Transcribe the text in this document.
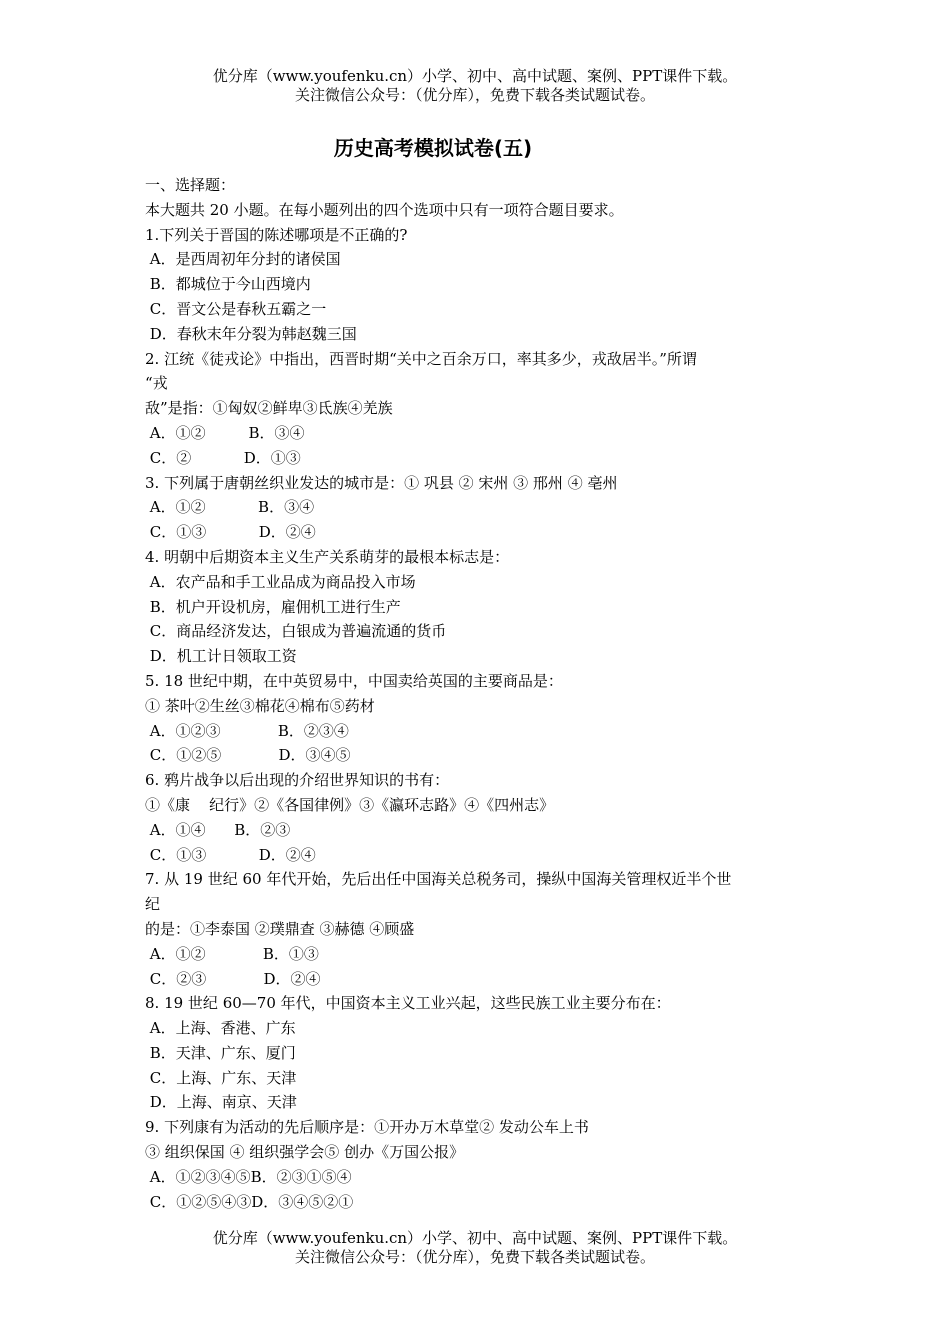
优分库（www.youfenku.cn）小学、初中、高中试题、案例、PPT课件下载。
关注微信公众号：（优分库），免费下载各类试题试卷。
历史高考模拟试卷(五)
一、选择题：
本大题共 20 小题。在每小题列出的四个选项中只有一项符合题目要求。
1.下列关于晋国的陈述哪项是不正确的?
A．是西周初年分封的诸侯国
B．都城位于今山西境内
C．晋文公是春秋五霸之一
D．春秋末年分裂为韩赵魏三国
2. 江统《徒戎论》中指出，西晋时期“关中之百余万口，率其多少，戎敌居半。”所谓
“戎
敌”是指：①匈奴②鲜卑③氐族④羌族
A．①②         B．③④
C．②           D．①③
3. 下列属于唐朝丝织业发达的城市是：① 巩县 ② 宋州 ③ 邢州 ④ 亳州
A．①②           B．③④
C．①③           D．②④
4. 明朝中后期资本主义生产关系萌芽的最根本标志是：
A．农产品和手工业品成为商品投入市场
B．机户开设机房，雇佣机工进行生产
C．商品经济发达，白银成为普遍流通的货币
D．机工计日领取工资
5. 18 世纪中期，在中英贸易中，中国卖给英国的主要商品是：
① 茶叶②生丝③棉花④棉布⑤药材
A．①②③            B．②③④
C．①②⑤            D．③④⑤
6. 鸦片战争以后出现的介绍世界知识的书有：
①《康    纪行》②《各国律例》③《瀛环志路》④《四州志》
A．①④      B．②③
C．①③           D．②④
7. 从 19 世纪 60 年代开始，先后出任中国海关总税务司，操纵中国海关管理权近半个世
纪
的是：①李泰国 ②璞鼎查 ③赫德 ④顾盛
A．①②            B．①③
C．②③            D．②④
8. 19 世纪 60—70 年代，中国资本主义工业兴起，这些民族工业主要分布在：
A．上海、香港、广东
B．天津、广东、厦门
C．上海、广东、天津
D．上海、南京、天津
9. 下列康有为活动的先后顺序是：①开办万木草堂② 发动公车上书
③ 组织保国 ④ 组织强学会⑤ 创办《万国公报》
A．①②③④⑤B．②③①⑤④
C．①②⑤④③D．③④⑤②①
优分库（www.youfenku.cn）小学、初中、高中试题、案例、PPT课件下载。
关注微信公众号：（优分库），免费下载各类试题试卷。
